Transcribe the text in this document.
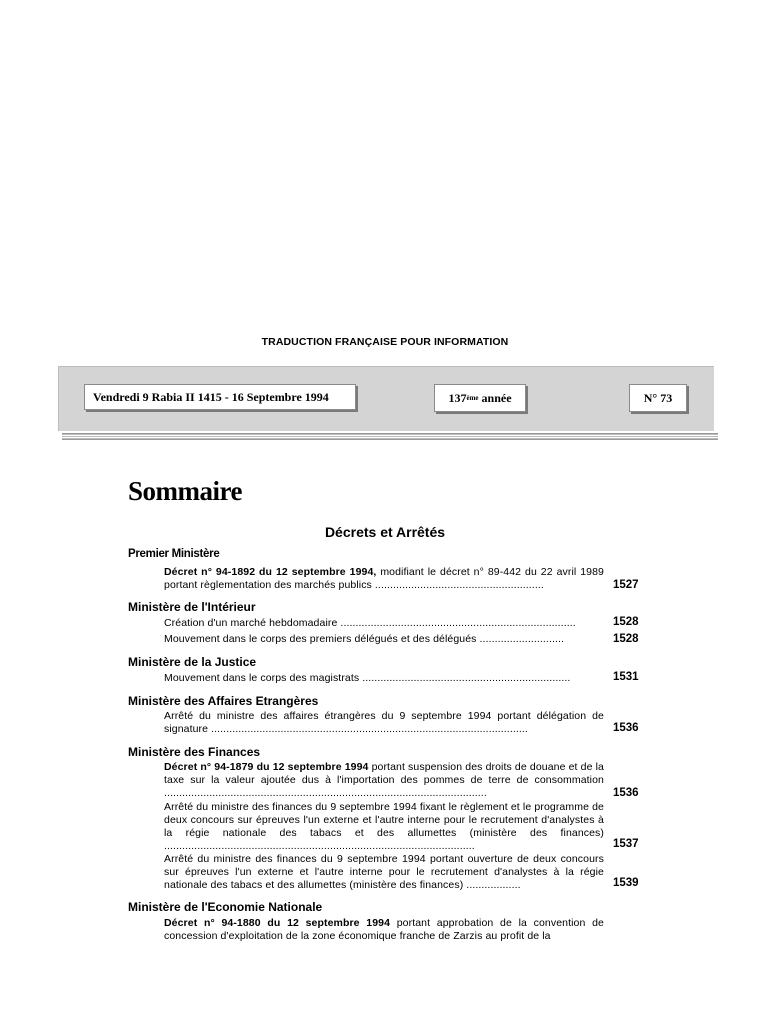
TRADUCTION FRANÇAISE POUR INFORMATION
Vendredi 9 Rabia II 1415 - 16 Septembre 1994	137 ème année	N° 73
Sommaire
Décrets et Arrêtés
Premier Ministère
Décret n° 94-1892 du 12 septembre 1994, modifiant le décret n° 89-442 du 22 avril 1989 portant règlementation des marchés publics ........................................................	1527
Ministère de l'Intérieur
Création d'un marché hebdomadaire ..............................................................................	1528
Mouvement dans le corps des premiers délégués et des délégués ............................	1528
Ministère de la Justice
Mouvement dans le corps des magistrats .....................................................................	1531
Ministère des Affaires Etrangères
Arrêté du ministre des affaires étrangères du 9 septembre 1994 portant délégation de signature .........................................................................................................	1536
Ministère des Finances
Décret n° 94-1879 du 12 septembre 1994 portant suspension des droits de douane et de la taxe sur la valeur ajoutée dus à l'importation des pommes de terre de consommation ...........................................................................................................	1536
Arrêté du ministre des finances du 9 septembre 1994 fixant le règlement et le programme de deux concours sur épreuves l'un externe et l'autre interne pour le recrutement d'analystes à la régie nationale des tabacs et des allumettes (ministère des finances) .......................................................................................................	1537
Arrêté du ministre des finances du 9 septembre 1994 portant ouverture de deux concours sur épreuves l'un externe et l'autre interne pour le recrutement d'analystes à la régie nationale des tabacs et des allumettes (ministère des finances) ..................	1539
Ministère de l'Economie Nationale
Décret n° 94-1880 du 12 septembre 1994 portant approbation de la convention de concession d'exploitation de la zone économique franche de Zarzis au profit de la
